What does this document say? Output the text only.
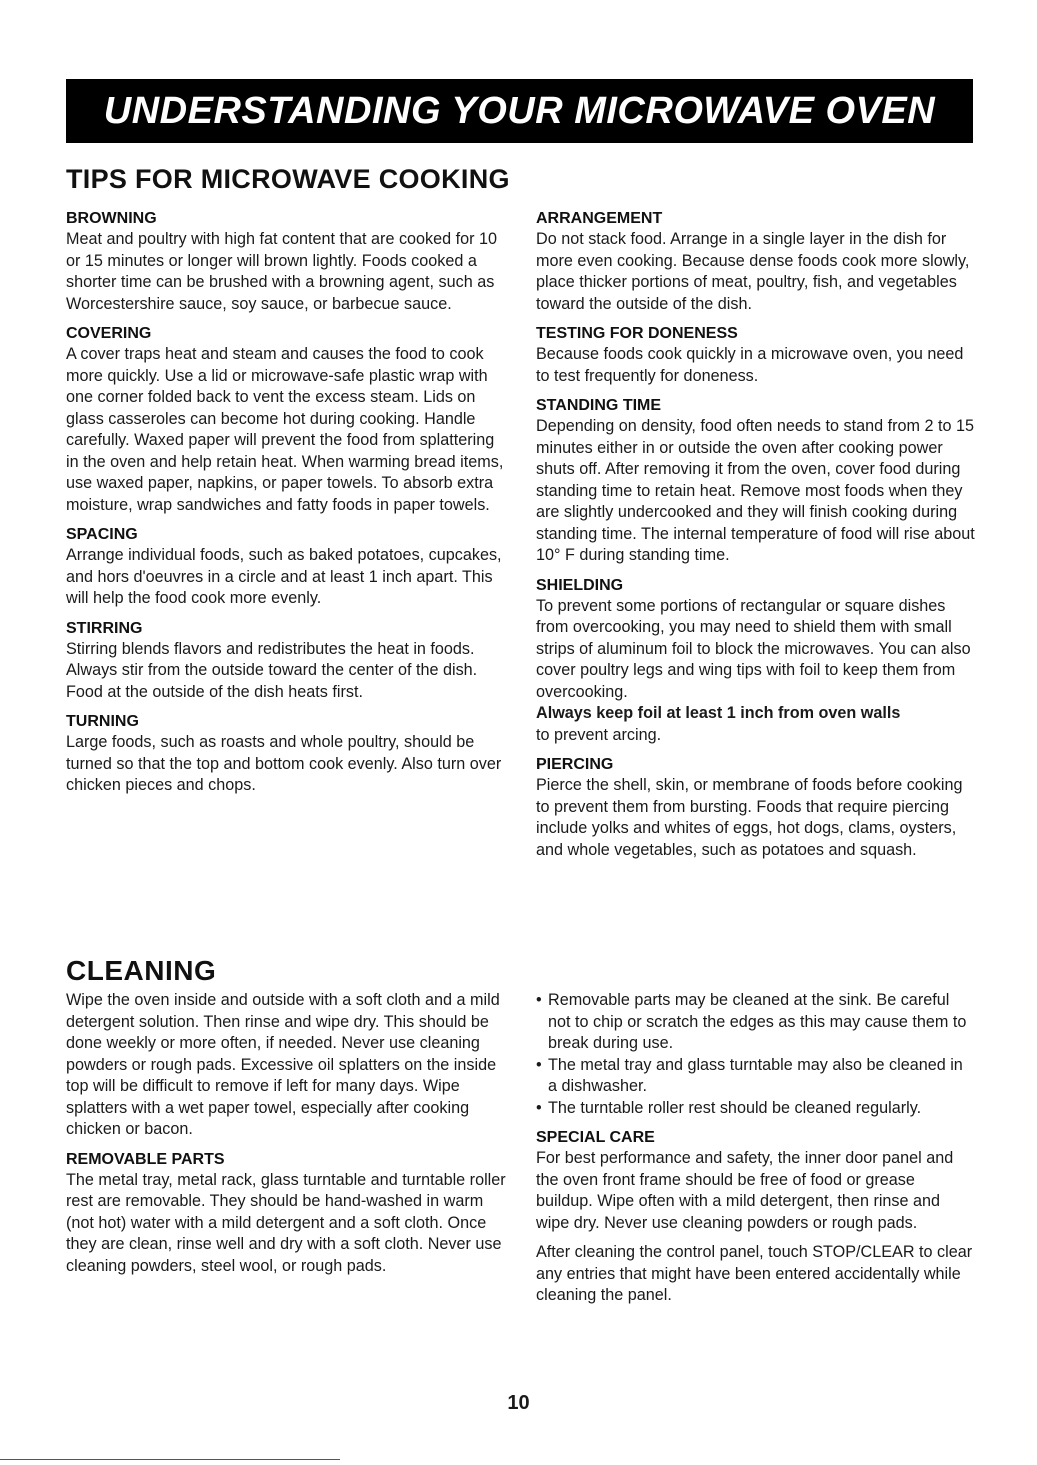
UNDERSTANDING YOUR MICROWAVE OVEN
TIPS FOR MICROWAVE COOKING
BROWNING

Meat and poultry with high fat content that are cooked for 10 or 15 minutes or longer will brown lightly. Foods cooked a shorter time can be brushed with a browning agent, such as Worcestershire sauce, soy sauce, or barbecue sauce.

COVERING

A cover traps heat and steam and causes the food to cook more quickly. Use a lid or microwave-safe plastic wrap with one corner folded back to vent the excess steam. Lids on glass casseroles can become hot during cooking. Handle carefully. Waxed paper will prevent the food from splattering in the oven and help retain heat. When warming bread items, use waxed paper, napkins, or paper towels. To absorb extra moisture, wrap sandwiches and fatty foods in paper towels.

SPACING

Arrange individual foods, such as baked potatoes, cupcakes, and hors d'oeuvres in a circle and at least 1 inch apart. This will help the food cook more evenly.

STIRRING

Stirring blends flavors and redistributes the heat in foods. Always stir from the outside toward the center of the dish. Food at the outside of the dish heats first.

TURNING

Large foods, such as roasts and whole poultry, should be turned so that the top and bottom cook evenly. Also turn over chicken pieces and chops.

ARRANGEMENT

Do not stack food. Arrange in a single layer in the dish for more even cooking. Because dense foods cook more slowly, place thicker portions of meat, poultry, fish, and vegetables toward the outside of the dish.

TESTING FOR DONENESS

Because foods cook quickly in a microwave oven, you need to test frequently for doneness.

STANDING TIME

Depending on density, food often needs to stand from 2 to 15 minutes either in or outside the oven after cooking power shuts off. After removing it from the oven, cover food during standing time to retain heat. Remove most foods when they are slightly undercooked and they will finish cooking during standing time. The internal temperature of food will rise about 10° F during standing time.

SHIELDING

To prevent some portions of rectangular or square dishes from overcooking, you may need to shield them with small strips of aluminum foil to block the microwaves. You can also cover poultry legs and wing tips with foil to keep them from overcooking.

Always keep foil at least 1 inch from oven walls

to prevent arcing.

PIERCING

Pierce the shell, skin, or membrane of foods before cooking to prevent them from bursting. Foods that require piercing include yolks and whites of eggs, hot dogs, clams, oysters, and whole vegetables, such as potatoes and squash.

CLEANING

Wipe the oven inside and outside with a soft cloth and a mild detergent solution. Then rinse and wipe dry. This should be done weekly or more often, if needed. Never use cleaning powders or rough pads. Excessive oil splatters on the inside top will be difficult to remove if left for many days. Wipe splatters with a wet paper towel, especially after cooking chicken or bacon.

REMOVABLE PARTS

The metal tray, metal rack, glass turntable and turntable roller rest are removable. They should be hand-washed in warm (not hot) water with a mild detergent and a soft cloth. Once they are clean, rinse well and dry with a soft cloth. Never use cleaning powders, steel wool, or rough pads.

• Removable parts may be cleaned at the sink. Be careful not to chip or scratch the edges as this may cause them to break during use.
• The metal tray and glass turntable may also be cleaned in a dishwasher.
• The turntable roller rest should be cleaned regularly.
SPECIAL CARE

For best performance and safety, the inner door panel and the oven front frame should be free of food or grease buildup. Wipe often with a mild detergent, then rinse and wipe dry. Never use cleaning powders or rough pads.

After cleaning the control panel, touch STOP/CLEAR to clear any entries that might have been entered accidentally while cleaning the panel.

10
